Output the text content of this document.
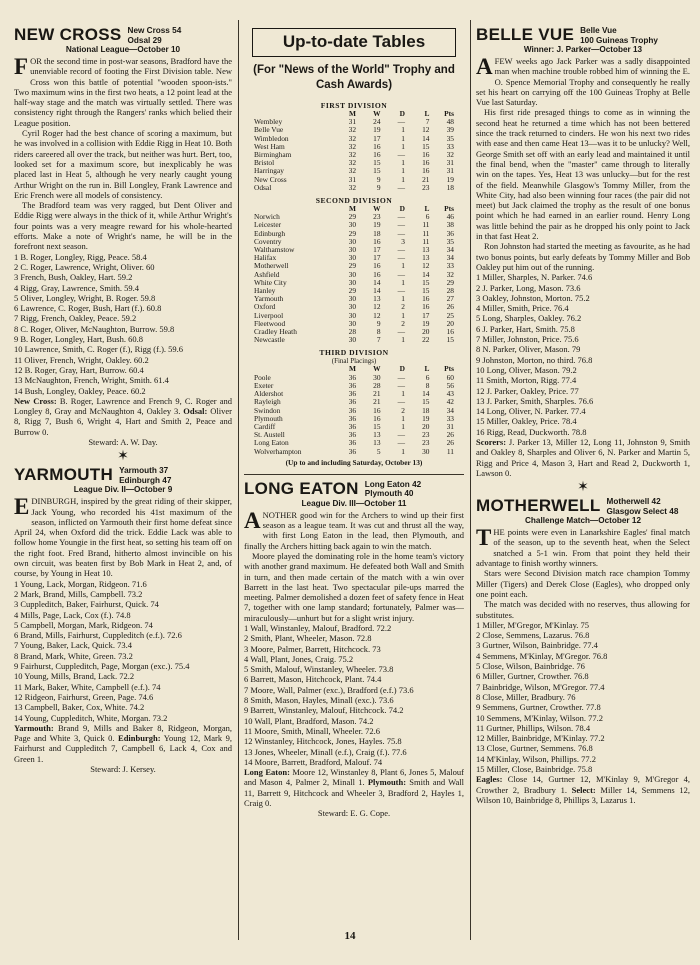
NEW CROSS New Cross 54
Odsal 29
National League—October 10

FOR the second time in post-war seasons, Bradford have the unenviable record of footing the First Division table. New Cross won this battle of potential "wooden spoon-ists." Two maximum wins in the first two heats, a 12 point lead at the half-way stage and the match was virtually settled. There was consistency right through the Rangers' ranks which belied their League position.

Cyril Roger had the best chance of scoring a maximum, but he was involved in a collision with Eddie Rigg in Heat 10. Both riders careered all over the track, but neither was hurt. Bert, too, looked set for a maximum score, but inexplicably he was placed last in Heat 5, although he very nearly caught young Arthur Wright on the run in. Bill Longley, Frank Lawrence and Eric French were all models of consistency.

The Bradford team was very ragged, but Dent Oliver and Eddie Rigg were always in the thick of it, while Arthur Wright's four points was a very meagre reward for his whole-hearted efforts. Make a note of Wright's name, he will be in the forefront next season.

1 B. Roger, Longley, Rigg, Peace. 58.4
2 C. Roger, Lawrence, Wright, Oliver. 60
3 French, Bush, Oakley, Hart. 59.2
4 Rigg, Gray, Lawrence, Smith. 59.4
5 Oliver, Longley, Wright, B. Roger. 59.8
6 Lawrence, C. Roger, Bush, Hart (f.). 60.8
7 Rigg, French, Oakley, Peace. 59.2
8 C. Roger, Oliver, McNaughton, Burrow. 59.8
9 B. Roger, Longley, Hart, Bush. 60.8
10 Lawrence, Smith, C. Roger (f.), Rigg (f.). 59.6
11 Oliver, French, Wright, Oakley. 60.2
12 B. Roger, Gray, Hart, Burrow. 60.4
13 McNaughton, French, Wright, Smith. 61.4
14 Bush, Longley, Oakley, Peace. 60.2
New Cross: B. Roger, Lawrence and French 9, C. Roger and Longley 8, Gray and McNaughton 4, Oakley 3. Odsal: Oliver 8, Rigg 7, Bush 6, Wright 4, Hart and Smith 2, Peace and Burrow 0.
Steward: A. W. Day.
✶
YARMOUTH Yarmouth 37
Edinburgh 47
League Div. II—October 9

EDINBURGH, inspired by the great riding of their skipper, Jack Young, who recorded his 41st maximum of the season, inflicted on Yarmouth their first home defeat since April 24, when Oxford did the trick. Eddie Lack was able to follow home Youngie in the first heat, so setting his team off on the right foot. Fred Brand, hitherto almost invincible on his own circuit, was beaten first by Bob Mark in Heat 2, and, of course, by Young in Heat 10.

1 Young, Lack, Morgan, Ridgeon. 71.6
2 Mark, Brand, Mills, Campbell. 73.2
3 Cuppleditch, Baker, Fairhurst, Quick. 74
4 Mills, Page, Lack, Cox (f.). 74.8
5 Campbell, Morgan, Mark, Ridgeon. 74
6 Brand, Mills, Fairhurst, Cuppleditch (e.f.). 72.6
7 Young, Baker, Lack, Quick. 73.4
8 Brand, Mark, White, Green. 73.2
9 Fairhurst, Cuppleditch, Page, Morgan (exc.). 75.4
10 Young, Mills, Brand, Lack. 72.2
11 Mark, Baker, White, Campbell (e.f.). 74
12 Ridgeon, Fairhurst, Green, Page. 74.6
13 Campbell, Baker, Cox, White. 74.2
14 Young, Cuppleditch, White, Morgan. 73.2
Yarmouth: Brand 9, Mills and Baker 8, Ridgeon, Morgan, Page and White 3, Quick 0. Edinburgh: Young 12, Mark 9, Fairhurst and Cuppleditch 7, Campbell 6, Lack 4, Cox and Green 1.
Steward: J. Kersey.
Up-to-date Tables
(For "News of the World" Trophy and Cash Awards)
FIRST DIVISION
	M	W	D	L	Pts
Wembley	31	24	—	7	48
Belle Vue	32	19	1	12	39
Wimbledon	32	17	1	14	35
West Ham	32	16	1	15	33
Birmingham	32	16	—	16	32
Bristol	32	15	1	16	31
Harringay	32	15	1	16	31
New Cross	31	9	1	21	19
Odsal	32	9	—	23	18
SECOND DIVISION
	M	W	D	L	Pts
Norwich	29	23	—	6	46
Leicester	30	19	—	11	38
Edinburgh	29	18	—	11	36
Coventry	30	16	3	11	35
Walthamstow	30	17	—	13	34
Halifax	30	17	—	13	34
Motherwell	29	16	1	12	33
Ashfield	30	16	—	14	32
White City	30	14	1	15	29
Hanley	29	14	—	15	28
Yarmouth	30	13	1	16	27
Oxford	30	12	2	16	26
Liverpool	30	12	1	17	25
Fleetwood	30	9	2	19	20
Cradley Heath	28	8	—	20	16
Newcastle	30	7	1	22	15
THIRD DIVISION
(Final Placings)
	M	W	D	L	Pts
Poole	36	30	—	6	60
Exeter	36	28	—	8	56
Aldershot	36	21	1	14	43
Rayleigh	36	21	—	15	42
Swindon	36	16	2	18	34
Plymouth	36	16	1	19	33
Cardiff	36	15	1	20	31
St. Austell	36	13	—	23	26
Long Eaton	36	13	—	23	26
Wolverhampton	36	5	1	30	11
(Up to and including Saturday, October 13)
LONG EATON Long Eaton 42
Plymouth 40
League Div. III—October 11

ANOTHER good win for the Archers to wind up their first season as a league team. It was cut and thrust all the way, with first Long Eaton in the lead, then Plymouth, and finally the Archers hitting back again to win the match.

Moore played the dominating role in the home team's victory with another grand maximum. He defeated both Wall and Smith in turn, and then made certain of the match with a win over Barrett in the last heat. Two spectacular pile-ups marred the meeting. Palmer demolished a dozen feet of safety fence in Heat 7, together with one lamp standard; fortunately, Palmer was—miraculously—unhurt but for a slight wrist injury.

1 Wall, Winstanley, Malouf, Bradford. 72.2
2 Smith, Plant, Wheeler, Mason. 72.8
3 Moore, Palmer, Barrett, Hitchcock. 73
4 Wall, Plant, Jones, Craig. 75.2
5 Smith, Malouf, Winstanley, Wheeler. 73.8
6 Barrett, Mason, Hitchcock, Plant. 74.4
7 Moore, Wall, Palmer (exc.), Bradford (e.f.) 73.6
8 Smith, Mason, Hayles, Minall (exc.). 73.6
9 Barrett, Winstanley, Malouf, Hitchcock. 74.2
10 Wall, Plant, Bradford, Mason. 74.2
11 Moore, Smith, Minall, Wheeler. 72.6
12 Winstanley, Hitchcock, Jones, Hayles. 75.8
13 Jones, Wheeler, Minall (e.f.), Craig (f.). 77.6
14 Moore, Barrett, Bradford, Malouf. 74
Long Eaton: Moore 12, Winstanley 8, Plant 6, Jones 5, Malouf and Mason 4, Palmer 2, Minall 1. Plymouth: Smith and Wall 11, Barrett 9, Hitchcock and Wheeler 3, Bradford 2, Hayles 1, Craig 0.
Steward: E. G. Cope.
BELLE VUE Belle Vue
100 Guineas Trophy
Winner: J. Parker—October 13

AFEW weeks ago Jack Parker was a sadly disappointed man when machine trouble robbed him of winning the E. O. Spence Memorial Trophy and consequently he really set his heart on carrying off the 100 Guineas Trophy at Belle Vue last Saturday.

His first ride presaged things to come as in winning the second heat he returned a time which has not been bettered since the track returned to cinders. He won his next two rides with ease and then came Heat 13—was it to be unlucky? Well, George Smith set off with an early lead and maintained it until the final bend, when the "master" came through to literally win on the tapes. Yes, Heat 13 was unlucky—but for the rest of the field. Meanwhile Glasgow's Tommy Miller, from the White City, had also been winning four races (the pair did not meet) but Jack claimed the trophy as the result of one bonus point which he had earned in an earlier round. Henry Long was little behind the pair as he dropped his only point to Jack in that fast Heat 2.

Ron Johnston had started the meeting as favourite, as he had two bonus points, but early defeats by Tommy Miller and Bob Oakley put him out of the running.

1 Miller, Sharples, N. Parker. 74.6
2 J. Parker, Long, Mason. 73.6
3 Oakley, Johnston, Morton. 75.2
4 Miller, Smith, Price. 76.4
5 Long, Sharples, Oakley. 76.2
6 J. Parker, Hart, Smith. 75.8
7 Miller, Johnston, Price. 75.6
8 N. Parker, Oliver, Mason. 79
9 Johnston, Morton, no third. 76.8
10 Long, Oliver, Mason. 79.2
11 Smith, Morton, Rigg. 77.4
12 J. Parker, Oakley, Price. 77
13 J. Parker, Smith, Sharples. 76.6
14 Long, Oliver, N. Parker. 77.4
15 Miller, Oakley, Price. 78.4
16 Rigg, Read, Duckworth. 78.8
Scorers: J. Parker 13, Miller 12, Long 11, Johnston 9, Smith and Oakley 8, Sharples and Oliver 6, N. Parker and Martin 5, Rigg and Price 4, Mason 3, Hart and Read 2, Duckworth 1, Lawson 0.
✶
MOTHERWELL Motherwell 42
Glasgow Select 48
Challenge Match—October 12

THE points were even in Lanarkshire Eagles' final match of the season, up to the seventh heat, when the Select snatched a 5-1 win. From that point they held their advantage to finish worthy winners.

Stars were Second Division match race champion Tommy Miller (Tigers) and Derek Close (Eagles), who dropped only one point each.

The match was decided with no reserves, thus allowing for substitutes.

1 Miller, M'Gregor, M'Kinlay. 75
2 Close, Semmens, Lazarus. 76.8
3 Gurtner, Wilson, Bainbridge. 77.4
4 Semmens, M'Kinlay, M'Gregor. 76.8
5 Close, Wilson, Bainbridge. 76
6 Miller, Gurtner, Crowther. 76.8
7 Bainbridge, Wilson, M'Gregor. 77.4
8 Close, Miller, Bradbury. 76
9 Semmens, Gurtner, Crowther. 77.8
10 Semmens, M'Kinlay, Wilson. 77.2
11 Gurtner, Phillips, Wilson. 78.4
12 Miller, Bainbridge, M'Kinlay. 77.2
13 Close, Gurtner, Semmens. 76.8
14 M'Kinlay, Wilson, Phillips. 77.2
15 Miller, Close, Bainbridge. 75.8
Eagles: Close 14, Gurtner 12, M'Kinlay 9, M'Gregor 4, Crowther 2, Bradbury 1. Select: Miller 14, Semmens 12, Wilson 10, Bainbridge 8, Phillips 3, Lazarus 1.
14
